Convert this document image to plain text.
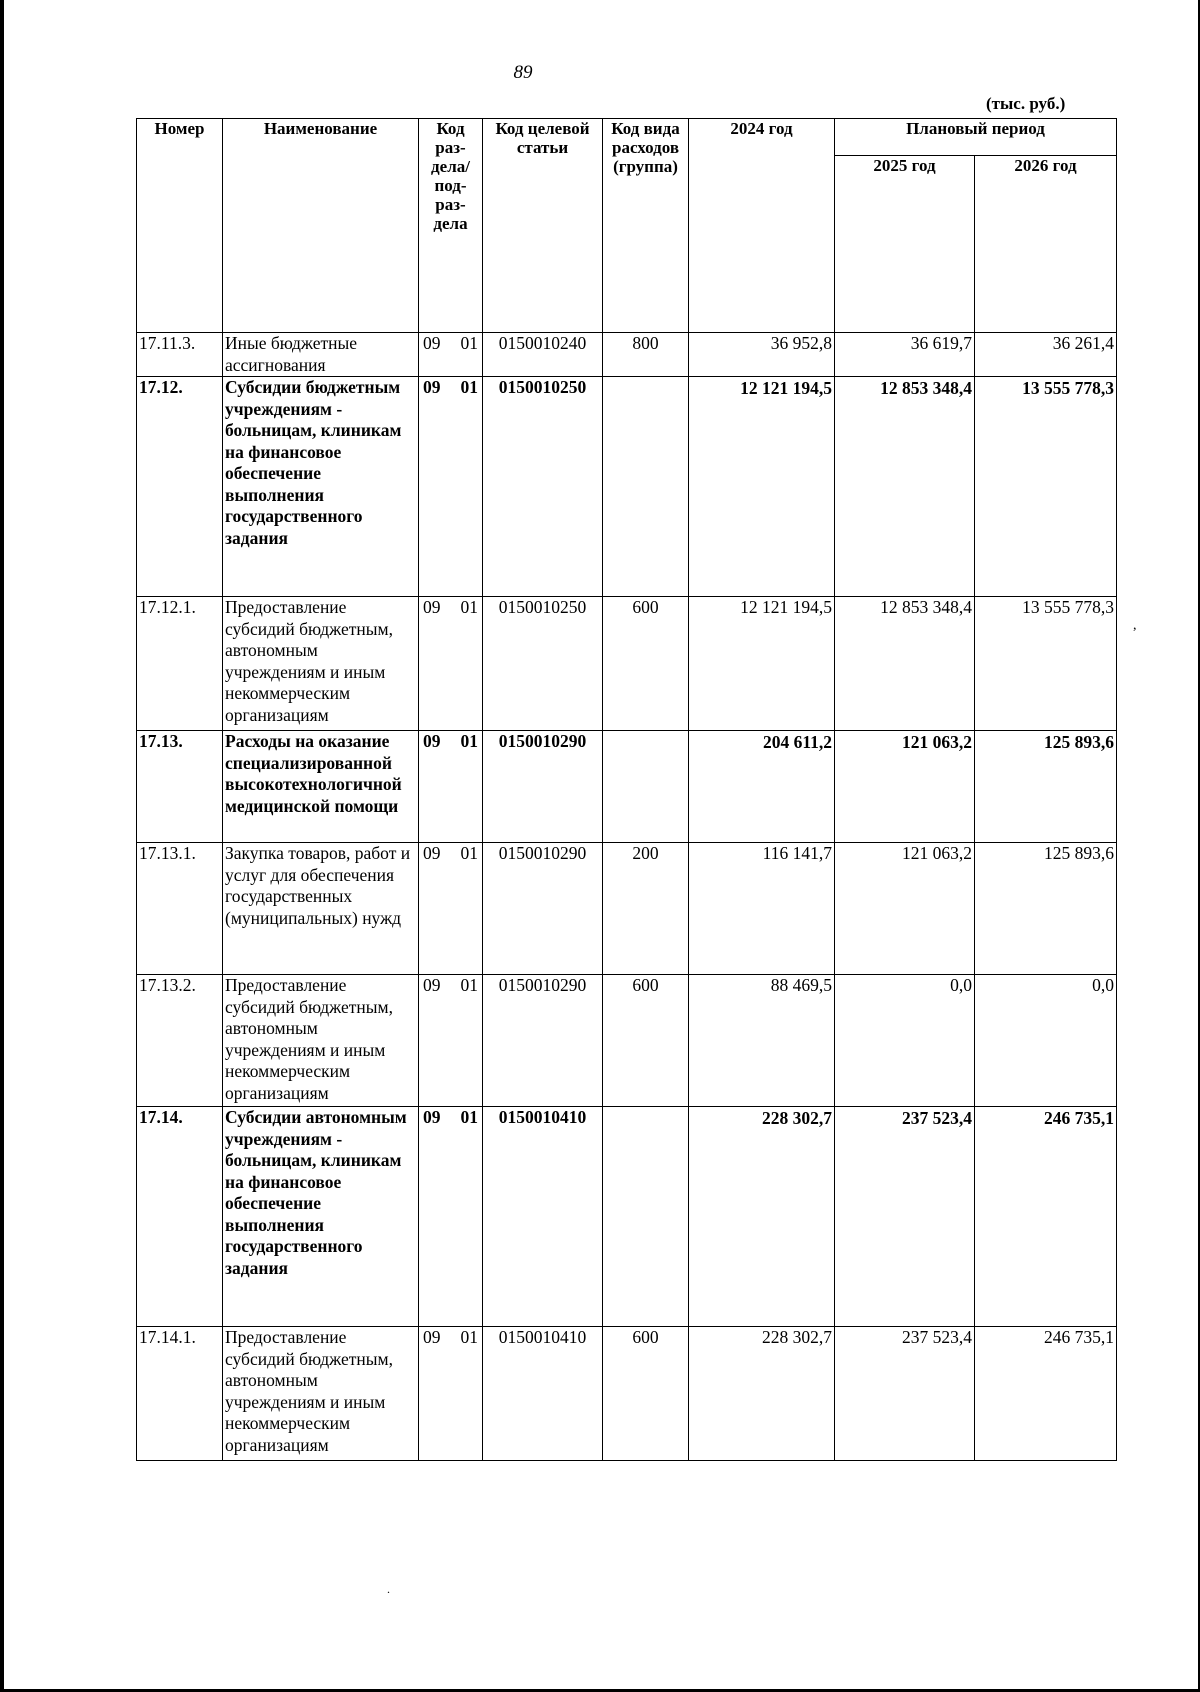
89
(тыс. руб.)
Номер	Наименование	Код раз- дела/ под- раз- дела	Код целевой статьи	Код вида расходов (группа)	2024 год	Плановый период	
						2025 год	2026 год
17.11.3.	Иные бюджетные ассигнования	09 01	0150010240	800	36 952,8	36 619,7	36 261,4
17.12.	Субсидии бюджетным учреждениям - больницам, клиникам на финансовое обеспечение выполнения государственного задания	09 01	0150010250		12 121 194,5	12 853 348,4	13 555 778,3
17.12.1.	Предоставление субсидий бюджетным, автономным учреждениям и иным некоммерческим организациям	09 01	0150010250	600	12 121 194,5	12 853 348,4	13 555 778,3
17.13.	Расходы на оказание специализированной высокотехнологичной медицинской помощи	09 01	0150010290		204 611,2	121 063,2	125 893,6
17.13.1.	Закупка товаров, работ и услуг для обеспечения государственных (муниципальных) нужд	09 01	0150010290	200	116 141,7	121 063,2	125 893,6
17.13.2.	Предоставление субсидий бюджетным, автономным учреждениям и иным некоммерческим организациям	09 01	0150010290	600	88 469,5	0,0	0,0
17.14.	Субсидии автономным учреждениям - больницам, клиникам на финансовое обеспечение выполнения государственного задания	09 01	0150010410		228 302,7	237 523,4	246 735,1
17.14.1.	Предоставление субсидий бюджетным, автономным учреждениям и иным некоммерческим организациям	09 01	0150010410	600	228 302,7	237 523,4	246 735,1
,
.
